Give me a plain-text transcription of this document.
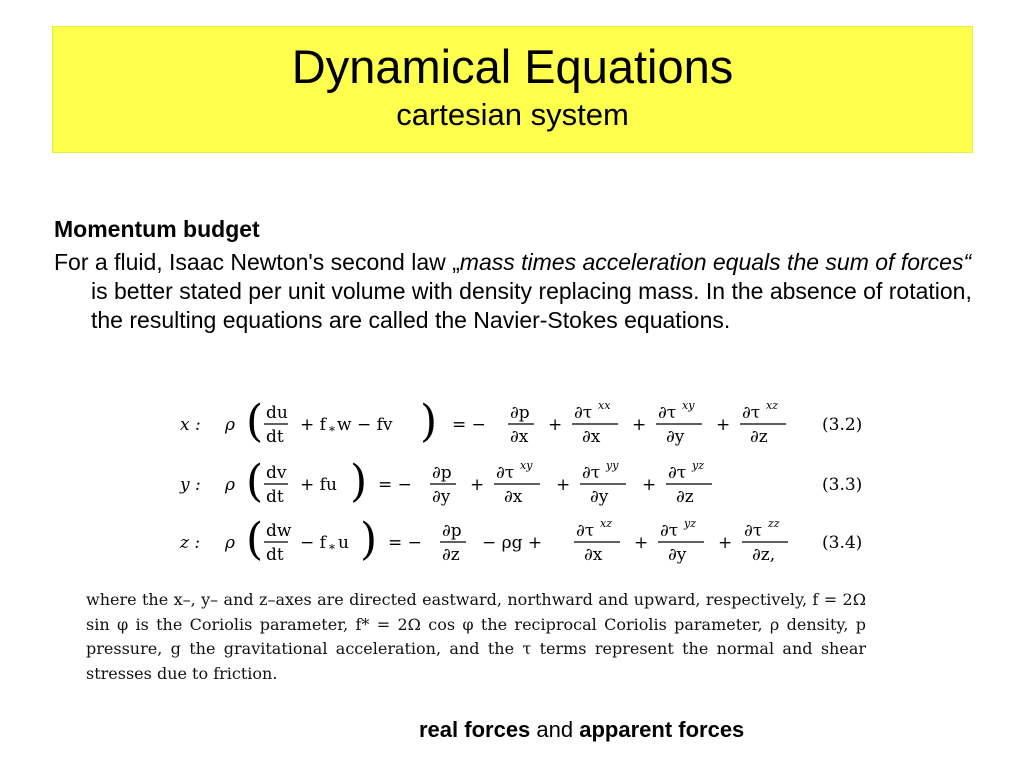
Dynamical Equations
cartesian system
Momentum budget
For a fluid, Isaac Newton's second law „mass times acceleration equals the sum of forces“ is better stated per unit volume with density replacing mass. In the absence of rotation, the resulting equations are called the Navier-Stokes equations.
x : ρ ( du
dt
+ f * w − fv ) = −
∂p
∂x
+
∂τ xx
∂x
+
∂τ xy
∂y
+
∂τ xz
∂z
(3.2)
y : ρ ( dv
dt
+ fu ) = −
∂p
∂y
+
∂τ xy
∂x
+
∂τ yy
∂y
+
∂τ yz
∂z
(3.3)
z : ρ ( dw
dt
− f * u ) = −
∂p
∂z
− ρg +
∂τ xz
∂x
+
∂τ yz
∂y
+
∂τ zz
∂z,
(3.4)
where the x–, y– and z–axes are directed eastward, northward and upward, respectively, f = 2Ω sin φ is the Coriolis parameter, f* = 2Ω cos φ the reciprocal Coriolis parameter, ρ density, p pressure, g the gravitational acceleration, and the τ terms represent the normal and shear stresses due to friction.
real forces and apparent forces
